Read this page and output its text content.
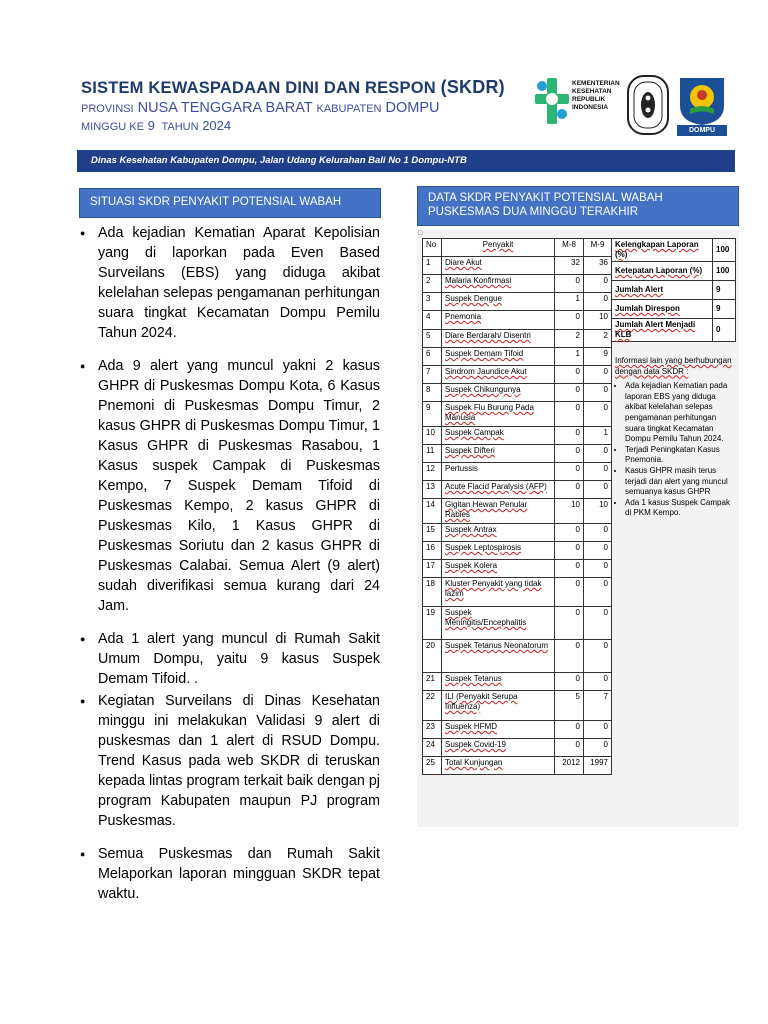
SISTEM KEWASPADAAN DINI DAN RESPON (SKDR)
PROVINSI NUSA TENGGARA BARAT KABUPATEN DOMPU
MINGGU KE 9 TAHUN 2024
KEMENTERIAN
KESEHATAN
REPUBLIK
INDONESIA
DOMPU
Dinas Kesehatan Kabupaten Dompu, Jalan Udang Kelurahan Bali No 1 Dompu-NTB
SITUASI SKDR PENYAKIT POTENSIAL WABAH

● Ada kejadian Kematian Aparat Kepolisian yang di laporkan pada Even Based Surveilans (EBS) yang diduga akibat kelelahan selepas pengamanan perhitungan suara tingkat Kecamatan Dompu Pemilu Tahun 2024.

● Ada 9 alert yang muncul yakni 2 kasus GHPR di Puskesmas Dompu Kota, 6 Kasus Pnemoni di Puskesmas Dompu Timur, 2 kasus GHPR di Puskesmas Dompu Timur, 1 Kasus GHPR di Puskesmas Rasabou, 1 Kasus suspek Campak di Puskesmas Kempo, 7 Suspek Demam Tifoid di Puskesmas Kempo, 2 kasus GHPR di Puskesmas Kilo, 1 Kasus GHPR di Puskesmas Soriutu dan 2 kasus GHPR di Puskesmas Calabai. Semua Alert (9 alert) sudah diverifikasi semua kurang dari 24 Jam.

● Ada 1 alert yang muncul di Rumah Sakit Umum Dompu, yaitu 9 kasus Suspek Demam Tifoid. .

● Kegiatan Surveilans di Dinas Kesehatan minggu ini melakukan Validasi 9 alert di puskesmas dan 1 alert di RSUD Dompu. Trend Kasus pada web SKDR di teruskan kepada lintas program terkait baik dengan pj program Kabupaten maupun PJ program Puskesmas.

● Semua Puskesmas dan Rumah Sakit Melaporkan laporan mingguan SKDR tepat waktu.

DATA SKDR PENYAKIT POTENSIAL WABAH PUSKESMAS DUA MINGGU TERAKHIR
□
No	Penyakit	M-8	M-9
1	Diare Akut	32	36
2	Malaria Konfirmasi	0	0
3	Suspek Dengue	1	0
4	Pnemonia	0	10
5	Diare Berdarah/ Disentri	2	2
6	Suspek Demam Tifoid	1	9
7	Sindrom Jaundice Akut	0	0
8	Suspek Chikungunya	0	0
9	Suspek Flu Burung Pada Manusia	0	0
10	Suspek Campak	0	1
11	Suspek Difteri	0	0
12	Pertussis	0	0
13	Acute Flacid Paralysis (AFP)	0	0
14	Gigitan Hewan Penular Rabies	10	10
15	Suspek Antrax	0	0
16	Suspek Leptospirosis	0	0
17	Suspek Kolera	0	0
18	Kluster Penyakit yang tidak lazim	0	0
19	Suspek Meningitis/Encephalitis	0	0
20	Suspek Tetanus Neonatorum	0	0
21	Suspek Tetanus	0	0
22	ILI (Penyakit Serupa Influenza)	5	7
23	Suspek HFMD	0	0
24	Suspek Covid-19	0	0
25	Total Kunjungan	2012	1997
Kelengkapan Laporan (%)	100
Ketepatan Laporan (%)	100
Jumlah Alert	9
Jumlah Direspon	9
Jumlah Alert Menjadi KLB	0
Informasi lain yang berhubungan dengan data SKDR :
• Ada kejadian Kematian pada laporan EBS yang diduga akibat kelelahan selepas pengamanan perhitungan suara tingkat Kecamatan Dompu Pemilu Tahun 2024.
• Terjadi Peningkatan Kasus Pnemonia.
• Kasus GHPR masih terus terjadi dan alert yang muncul semuanya kasus GHPR
• Ada 1 kasus Suspek Campak di PKM Kempo.
